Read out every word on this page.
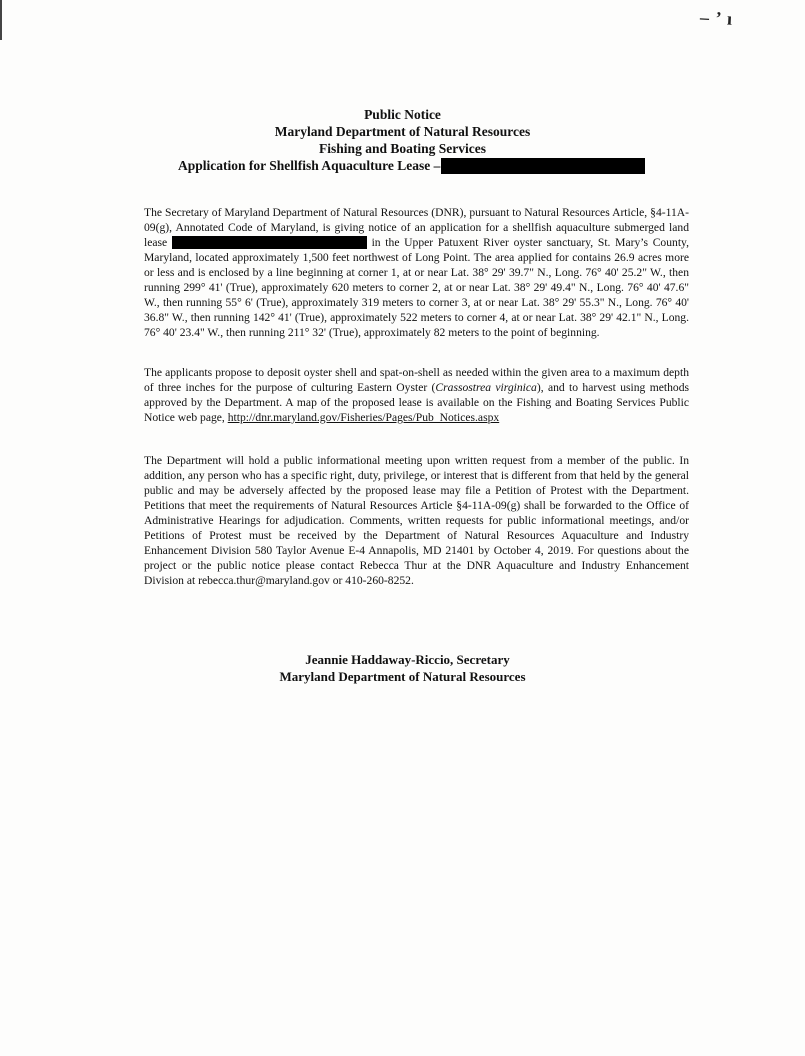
‒ ʼ ı
Public Notice
Maryland Department of Natural Resources
Fishing and Boating Services
Application for Shellfish Aquaculture Lease –

The Secretary of Maryland Department of Natural Resources (DNR), pursuant to Natural Resources Article, §4-11A-09(g), Annotated Code of Maryland, is giving notice of an application for a shellfish aquaculture submerged land lease	in the Upper Patuxent River oyster sanctuary, St. Mary’s County, Maryland, located approximately 1,500 feet northwest of Long Point. The area applied for contains 26.9 acres more or less and is enclosed by a line beginning at corner 1, at or near Lat. 38° 29' 39.7" N., Long. 76° 40' 25.2" W., then running 299° 41' (True), approximately 620 meters to corner 2, at or near Lat. 38° 29' 49.4" N., Long. 76° 40' 47.6" W., then running 55° 6' (True), approximately 319 meters to corner 3, at or near Lat. 38° 29' 55.3" N., Long. 76° 40' 36.8" W., then running 142° 41' (True), approximately 522 meters to corner 4, at or near Lat. 38° 29' 42.1" N., Long. 76° 40' 23.4" W., then running 211° 32' (True), approximately 82 meters to the point of beginning.

The applicants propose to deposit oyster shell and spat-on-shell as needed within the given area to a maximum depth of three inches for the purpose of culturing Eastern Oyster (Crassostrea virginica), and to harvest using methods approved by the Department. A map of the proposed lease is available on the Fishing and Boating Services Public Notice web page, http://dnr.maryland.gov/Fisheries/Pages/Pub_Notices.aspx

The Department will hold a public informational meeting upon written request from a member of the public. In addition, any person who has a specific right, duty, privilege, or interest that is different from that held by the general public and may be adversely affected by the proposed lease may file a Petition of Protest with the Department. Petitions that meet the requirements of Natural Resources Article §4-11A-09(g) shall be forwarded to the Office of Administrative Hearings for adjudication. Comments, written requests for public informational meetings, and/or Petitions of Protest must be received by the Department of Natural Resources Aquaculture and Industry Enhancement Division 580 Taylor Avenue E-4 Annapolis, MD 21401 by October 4, 2019. For questions about the project or the public notice please contact Rebecca Thur at the DNR Aquaculture and Industry Enhancement Division at rebecca.thur@maryland.gov or 410-260-8252.

Jeannie Haddaway-Riccio, Secretary
Maryland Department of Natural Resources
